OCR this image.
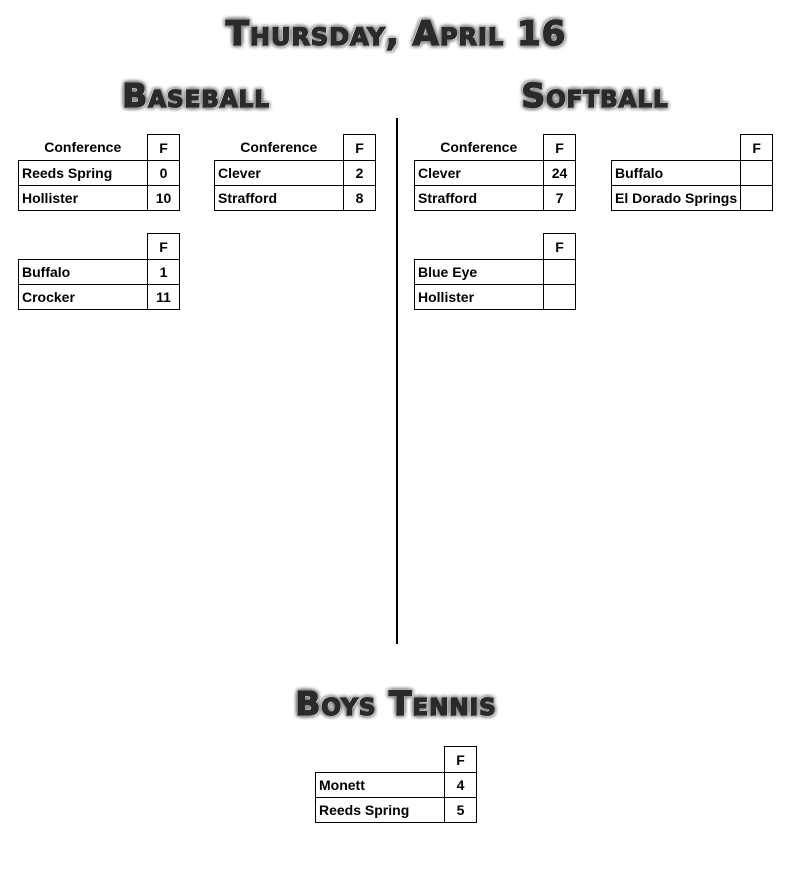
Thursday, April 16
Baseball	Softball
Conference	F
Reeds Spring	0
Hollister	10
Conference	F
Clever	2
Strafford	8
	F
Buffalo	1
Crocker	11
Conference	F
Clever	24
Strafford	7
	F
Buffalo	
El Dorado Springs	
	F
Blue Eye	
Hollister	
Boys Tennis
	F
Monett	4
Reeds Spring	5
